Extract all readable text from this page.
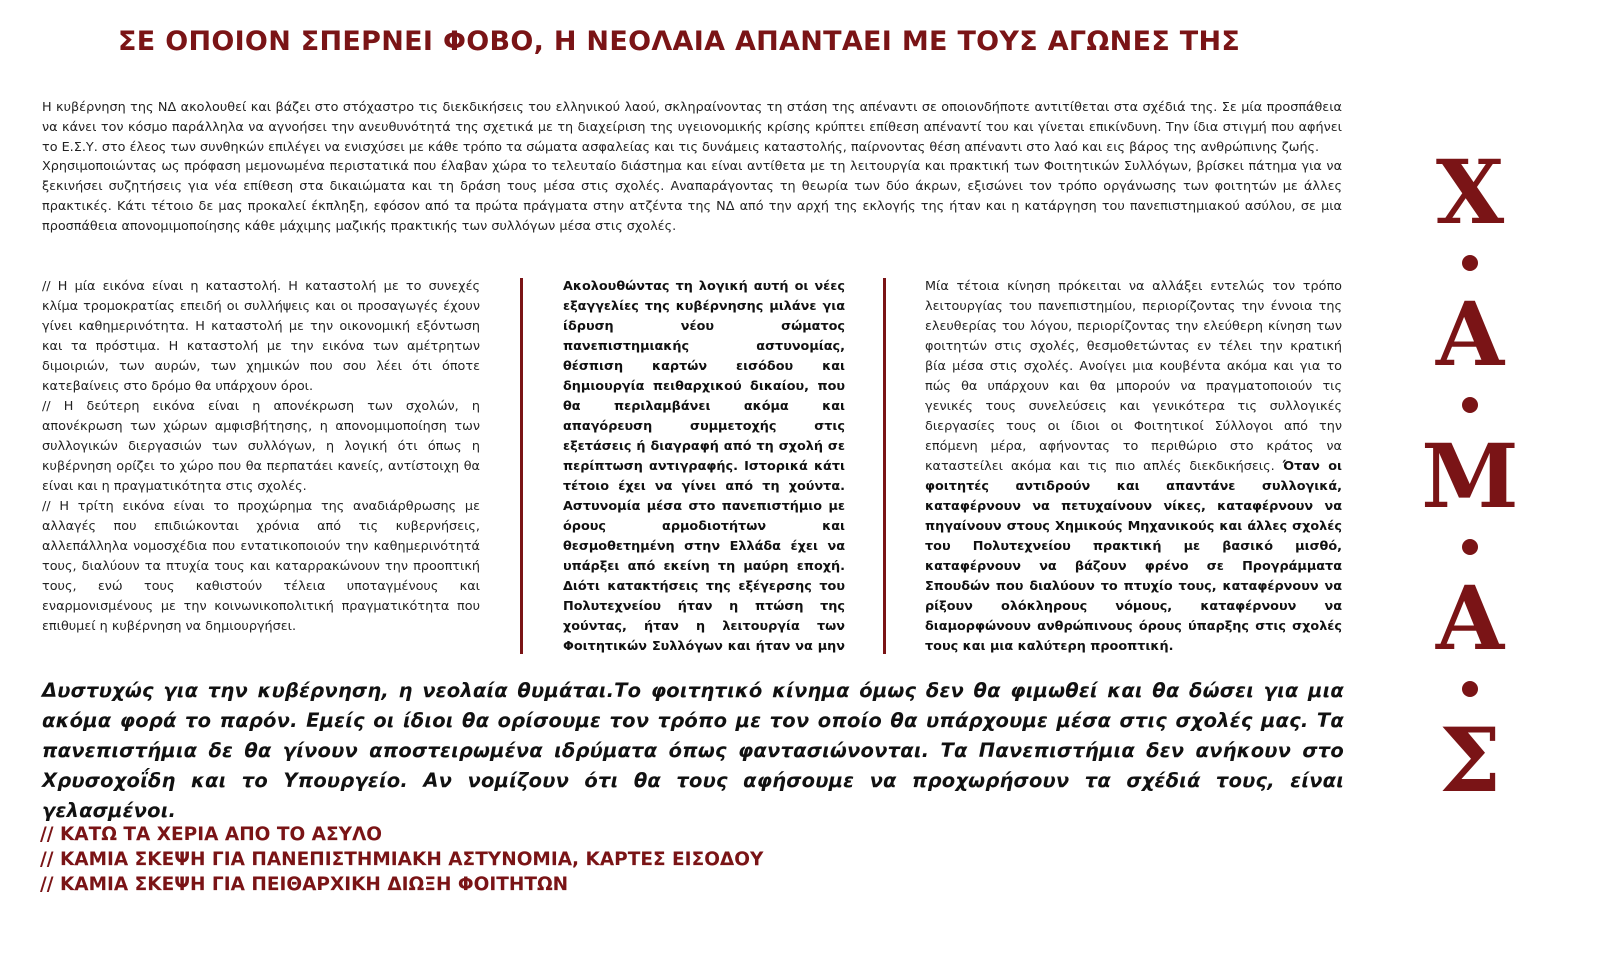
ΣΕ ΟΠΟΙΟΝ ΣΠΕΡΝΕΙ ΦΟΒΟ, Η ΝΕΟΛΑΙΑ ΑΠΑΝΤΑΕΙ ΜΕ ΤΟΥΣ ΑΓΩΝΕΣ ΤΗΣ

Η κυβέρνηση της ΝΔ ακολουθεί και βάζει στο στόχαστρο τις διεκδικήσεις του ελληνικού λαού, σκληραίνοντας τη στάση της απέναντι σε οποιονδήποτε αντιτίθεται στα σχέδιά της. Σε μία προσπάθεια να κάνει τον κόσμο παράλληλα να αγνοήσει την ανευθυνότητά της σχετικά με τη διαχείριση της υγειονομικής κρίσης κρύπτει επίθεση απέναντί του και γίνεται επικίνδυνη. Την ίδια στιγμή που αφήνει το Ε.Σ.Υ. στο έλεος των συνθηκών επιλέγει να ενισχύσει με κάθε τρόπο τα σώματα ασφαλείας και τις δυνάμεις καταστολής, παίρνοντας θέση απέναντι στο λαό και εις βάρος της ανθρώπινης ζωής.

Χρησιμοποιώντας ως πρόφαση μεμονωμένα περιστατικά που έλαβαν χώρα το τελευταίο διάστημα και είναι αντίθετα με τη λειτουργία και πρακτική των Φοιτητικών Συλλόγων, βρίσκει πάτημα για να ξεκινήσει συζητήσεις για νέα επίθεση στα δικαιώματα και τη δράση τους μέσα στις σχολές. Αναπαράγοντας τη θεωρία των δύο άκρων, εξισώνει τον τρόπο οργάνωσης των φοιτητών με άλλες πρακτικές. Κάτι τέτοιο δε μας προκαλεί έκπληξη, εφόσον από τα πρώτα πράγματα στην ατζέντα της ΝΔ από την αρχή της εκλογής της ήταν και η κατάργηση του πανεπιστημιακού ασύλου, σε μια προσπάθεια απονομιμοποίησης κάθε μάχιμης μαζικής πρακτικής των συλλόγων μέσα στις σχολές.

// Η μία εικόνα είναι η καταστολή. Η καταστολή με το συνεχές κλίμα τρομοκρατίας επειδή οι συλλήψεις και οι προσαγωγές έχουν γίνει καθημερινότητα. Η καταστολή με την οικονομική εξόντωση και τα πρόστιμα. Η καταστολή με την εικόνα των αμέτρητων διμοιριών, των αυρών, των χημικών που σου λέει ότι όποτε κατεβαίνεις στο δρόμο θα υπάρχουν όροι.

// Η δεύτερη εικόνα είναι η απονέκρωση των σχολών, η απονέκρωση των χώρων αμφισβήτησης, η απονομιμοποίηση των συλλογικών διεργασιών των συλλόγων, η λογική ότι όπως η κυβέρνηση ορίζει το χώρο που θα περπατάει κανείς, αντίστοιχη θα είναι και η πραγματικότητα στις σχολές.

// Η τρίτη εικόνα είναι το προχώρημα της αναδιάρθρωσης με αλλαγές που επιδιώκονται χρόνια από τις κυβερνήσεις, αλλεπάλληλα νομοσχέδια που εντατικοποιούν την καθημερινότητά τους, διαλύουν τα πτυχία τους και καταρρακώνουν την προοπτική τους, ενώ τους καθιστούν τέλεια υποταγμένους και εναρμονισμένους με την κοινωνικοπολιτική πραγματικότητα που επιθυμεί η κυβέρνηση να δημιουργήσει.

Ακολουθώντας τη λογική αυτή οι νέες εξαγγελίες της κυβέρνησης μιλάνε για ίδρυση νέου σώματος πανεπιστημιακής αστυνομίας, θέσπιση καρτών εισόδου και δημιουργία πειθαρχικού δικαίου, που θα περιλαμβάνει ακόμα και απαγόρευση συμμετοχής στις εξετάσεις ή διαγραφή από τη σχολή σε περίπτωση αντιγραφής. Ιστορικά κάτι τέτοιο έχει να γίνει από τη χούντα. Αστυνομία μέσα στο πανεπιστήμιο με όρους αρμοδιοτήτων και θεσμοθετημένη στην Ελλάδα έχει να υπάρξει από εκείνη τη μαύρη εποχή. Διότι κατακτήσεις της εξέγερσης του Πολυτεχνείου ήταν η πτώση της χούντας, ήταν η λειτουργία των Φοιτητικών Συλλόγων και ήταν να μην

Μία τέτοια κίνηση πρόκειται να αλλάξει εντελώς τον τρόπο λειτουργίας του πανεπιστημίου, περιορίζοντας την έννοια της ελευθερίας του λόγου, περιορίζοντας την ελεύθερη κίνηση των φοιτητών στις σχολές, θεσμοθετώντας εν τέλει την κρατική βία μέσα στις σχολές. Ανοίγει μια κουβέντα ακόμα και για το πώς θα υπάρχουν και θα μπορούν να πραγματοποιούν τις γενικές τους συνελεύσεις και γενικότερα τις συλλογικές διεργασίες τους οι ίδιοι οι Φοιτητικοί Σύλλογοι από την επόμενη μέρα, αφήνοντας το περιθώριο στο κράτος να καταστείλει ακόμα και τις πιο απλές διεκδικήσεις. Όταν οι φοιτητές αντιδρούν και απαντάνε συλλογικά, καταφέρνουν να πετυχαίνουν νίκες, καταφέρνουν να πηγαίνουν στους Χημικούς Μηχανικούς και άλλες σχολές του Πολυτεχνείου πρακτική με βασικό μισθό, καταφέρνουν να βάζουν φρένο σε Προγράμματα Σπουδών που διαλύουν το πτυχίο τους, καταφέρνουν να ρίξουν ολόκληρους νόμους, καταφέρνουν να διαμορφώνουν ανθρώπινους όρους ύπαρξης στις σχολές τους και μια καλύτερη προοπτική.

Δυστυχώς για την κυβέρνηση, η νεολαία θυμάται.Το φοιτητικό κίνημα όμως δεν θα φιμωθεί και θα δώσει για μια ακόμα φορά το παρόν. Εμείς οι ίδιοι θα ορίσουμε τον τρόπο με τον οποίο θα υπάρχουμε μέσα στις σχολές μας. Τα πανεπιστήμια δε θα γίνουν αποστειρωμένα ιδρύματα όπως φαντασιώνονται. Τα Πανεπιστήμια δεν ανήκουν στο Χρυσοχοΐδη και το Υπουργείο. Αν νομίζουν ότι θα τους αφήσουμε να προχωρήσουν τα σχέδιά τους, είναι γελασμένοι.
// ΚΑΤΩ ΤΑ ΧΕΡΙΑ ΑΠΟ ΤΟ ΑΣΥΛΟ
// ΚΑΜΙΑ ΣΚΕΨΗ ΓΙΑ ΠΑΝΕΠΙΣΤΗΜΙΑΚΗ ΑΣΤΥΝΟΜΙΑ, ΚΑΡΤΕΣ ΕΙΣΟΔΟΥ
// ΚΑΜΙΑ ΣΚΕΨΗ ΓΙΑ ΠΕΙΘΑΡΧΙΚΗ ΔΙΩΞΗ ΦΟΙΤΗΤΩΝ
Χ
Α
Μ
Α
Σ
